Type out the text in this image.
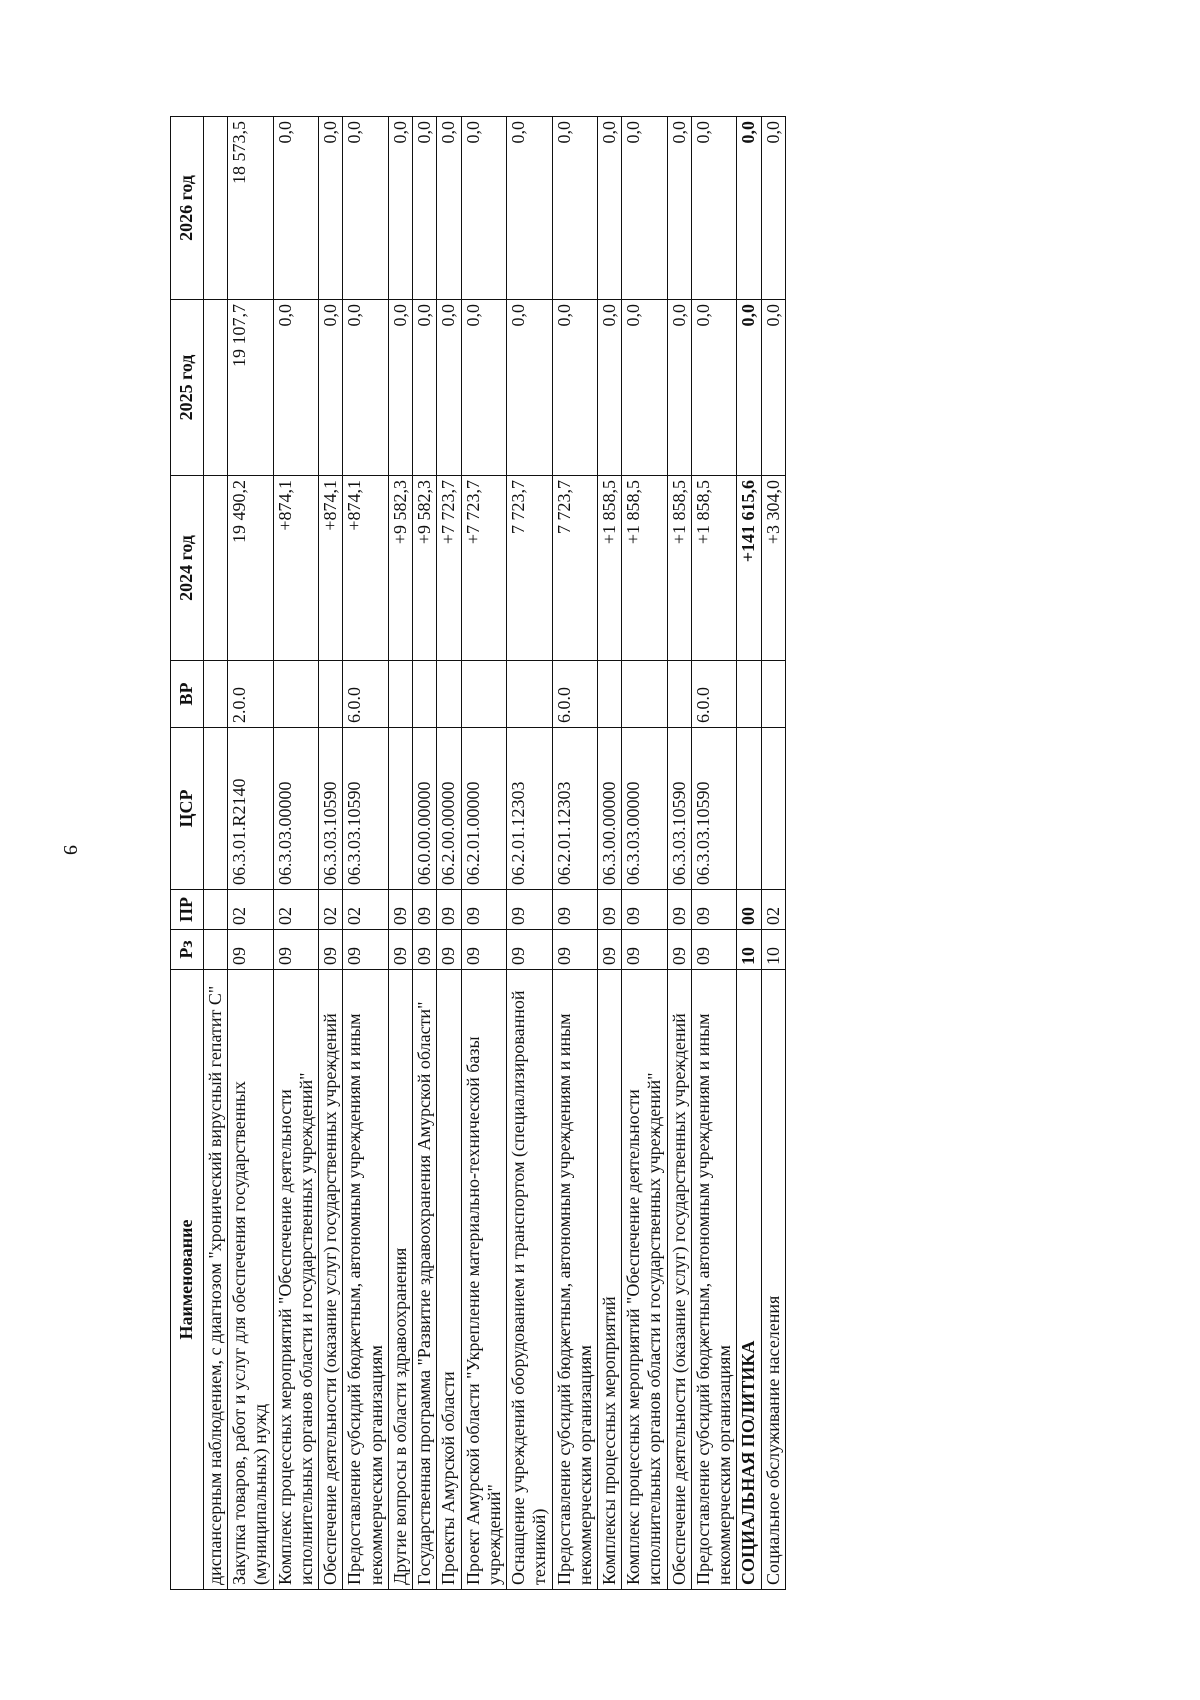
9
Наименование	Рз	ПР	ЦСР	ВР	2024 год	2025 год	2026 год
диспансерным наблюдением, с диагнозом "хронический вирусный гепатит С"							
Закупка товаров, работ и услуг для обеспечения государственных (муниципальных) нужд	09	02	06.3.01.R2140	2.0.0	19 490,2	19 107,7	18 573,5
Комплекс процессных мероприятий "Обеспечение деятельности исполнительных органов области и государственных учреждений"	09	02	06.3.03.00000		+874,1	0,0	0,0
Обеспечение деятельности (оказание услуг) государственных учреждений	09	02	06.3.03.10590		+874,1	0,0	0,0
Предоставление субсидий бюджетным, автономным учреждениям и иным некоммерческим организациям	09	02	06.3.03.10590	6.0.0	+874,1	0,0	0,0
Другие вопросы в области здравоохранения	09	09			+9 582,3	0,0	0,0
Государственная программа "Развитие здравоохранения Амурской области"	09	09	06.0.00.00000		+9 582,3	0,0	0,0
Проекты Амурской области	09	09	06.2.00.00000		+7 723,7	0,0	0,0
Проект Амурской области "Укрепление материально-технической базы учреждений"	09	09	06.2.01.00000		+7 723,7	0,0	0,0
Оснащение учреждений оборудованием и транспортом (специализированной техникой)	09	09	06.2.01.12303		7 723,7	0,0	0,0
Предоставление субсидий бюджетным, автономным учреждениям и иным некоммерческим организациям	09	09	06.2.01.12303	6.0.0	7 723,7	0,0	0,0
Комплексы процессных мероприятий	09	09	06.3.00.00000		+1 858,5	0,0	0,0
Комплекс процессных мероприятий "Обеспечение деятельности исполнительных органов области и государственных учреждений"	09	09	06.3.03.00000		+1 858,5	0,0	0,0
Обеспечение деятельности (оказание услуг) государственных учреждений	09	09	06.3.03.10590		+1 858,5	0,0	0,0
Предоставление субсидий бюджетным, автономным учреждениям и иным некоммерческим организациям	09	09	06.3.03.10590	6.0.0	+1 858,5	0,0	0,0
СОЦИАЛЬНАЯ ПОЛИТИКА	10	00			+141 615,6	0,0	0,0
Социальное обслуживание населения	10	02			+3 304,0	0,0	0,0
